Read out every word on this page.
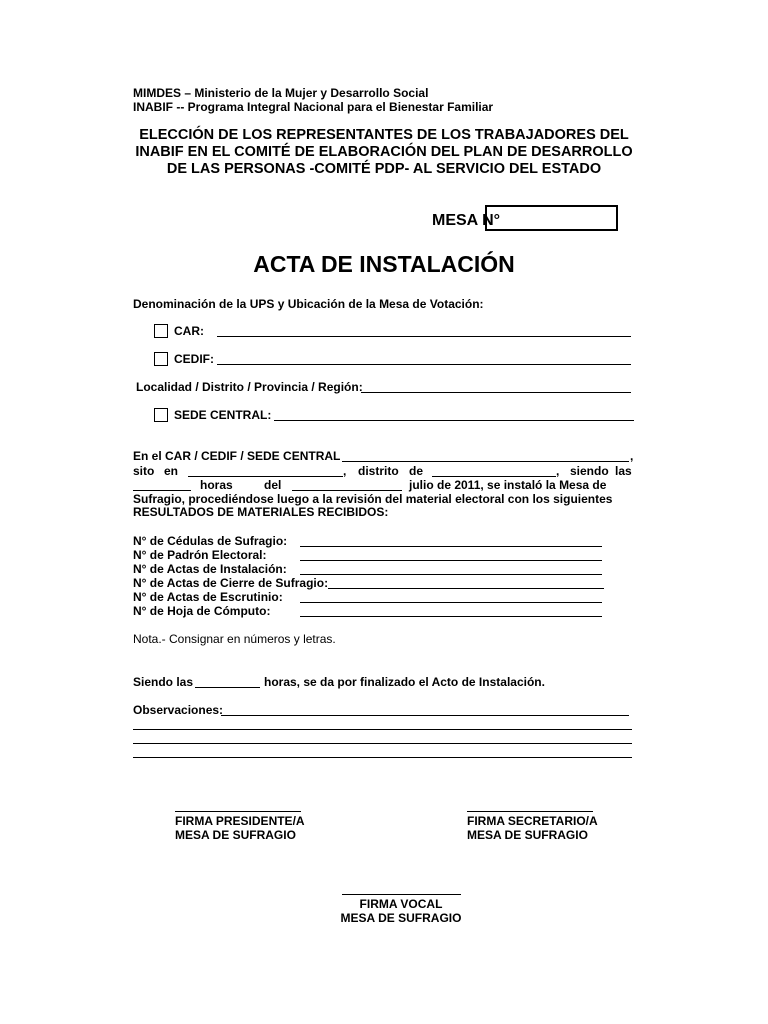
MIMDES – Ministerio de la Mujer y Desarrollo Social
INABIF -- Programa Integral Nacional para el Bienestar Familiar
ELECCIÓN DE LOS REPRESENTANTES DE LOS TRABAJADORES DEL
INABIF EN EL COMITÉ DE ELABORACIÓN DEL PLAN DE DESARROLLO
DE LAS PERSONAS -COMITÉ PDP- AL SERVICIO DEL ESTADO
MESA N°
ACTA DE INSTALACIÓN
Denominación de la UPS y Ubicación de la Mesa de Votación:
CAR:
CEDIF:
Localidad / Distrito / Provincia / Región:
SEDE CENTRAL:
En el CAR / CEDIF / SEDE CENTRAL	,
sito en	, distrito de	, siendo las
horas	del	julio de 2011, se instaló la Mesa de
Sufragio, procediéndose luego a la revisión del material electoral con los siguientes
RESULTADOS DE MATERIALES RECIBIDOS:
N° de Cédulas de Sufragio:
N° de Padrón Electoral:
N° de Actas de Instalación:
N° de Actas de Cierre de Sufragio:
N° de Actas de Escrutinio:
N° de Hoja de Cómputo:
Nota.- Consignar en números y letras.
Siendo las	horas, se da por finalizado el Acto de Instalación.
Observaciones:
FIRMA PRESIDENTE/A
MESA DE SUFRAGIO
FIRMA SECRETARIO/A
MESA DE SUFRAGIO
FIRMA VOCAL
MESA DE SUFRAGIO
